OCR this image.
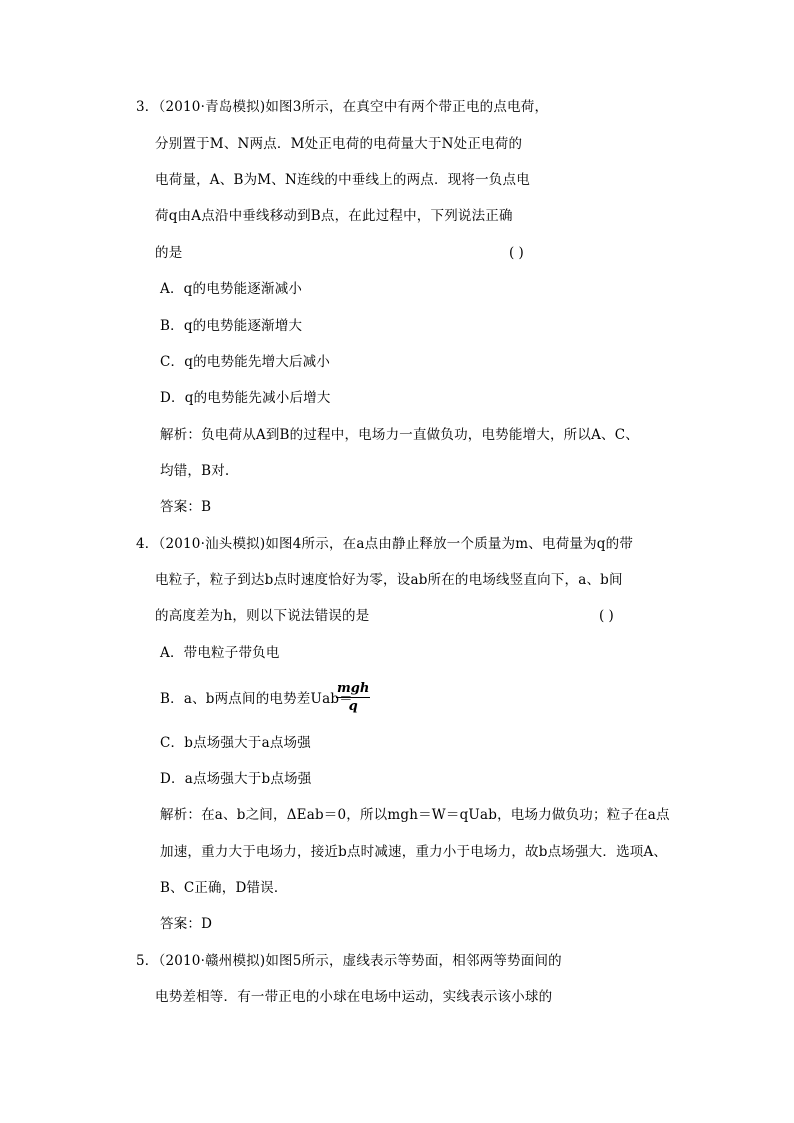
3．（2010·青岛模拟)如图3所示，在真空中有两个带正电的点电荷，
分别置于M、N两点．M处正电荷的电荷量大于N处正电荷的
电荷量，A、B为M、N连线的中垂线上的两点．现将一负点电
荷q由A点沿中垂线移动到B点，在此过程中，下列说法正确
的是	( )
A．q的电势能逐渐减小
B．q的电势能逐渐增大
C．q的电势能先增大后减小
D．q的电势能先减小后增大
解析：负电荷从A到B的过程中，电场力一直做负功，电势能增大，所以A、C、
均错，B对.
答案：B
4．（2010·汕头模拟)如图4所示，在a点由静止释放一个质量为m、电荷量为q的带
电粒子，粒子到达b点时速度恰好为零，设ab所在的电场线竖直向下，a、b间
的高度差为h，则以下说法错误的是	( )
A．带电粒子带负电
B．a、b两点间的电势差Uab＝
mgh
q
C．b点场强大于a点场强
D．a点场强大于b点场强
解析：在a、b之间，ΔEab＝0，所以mgh＝W＝qUab，电场力做负功；粒子在a点
加速，重力大于电场力，接近b点时减速，重力小于电场力，故b点场强大．选项A、
B、C正确，D错误．
答案：D
5．（2010·赣州模拟)如图5所示，虚线表示等势面，相邻两等势面间的
电势差相等．有一带正电的小球在电场中运动，实线表示该小球的
